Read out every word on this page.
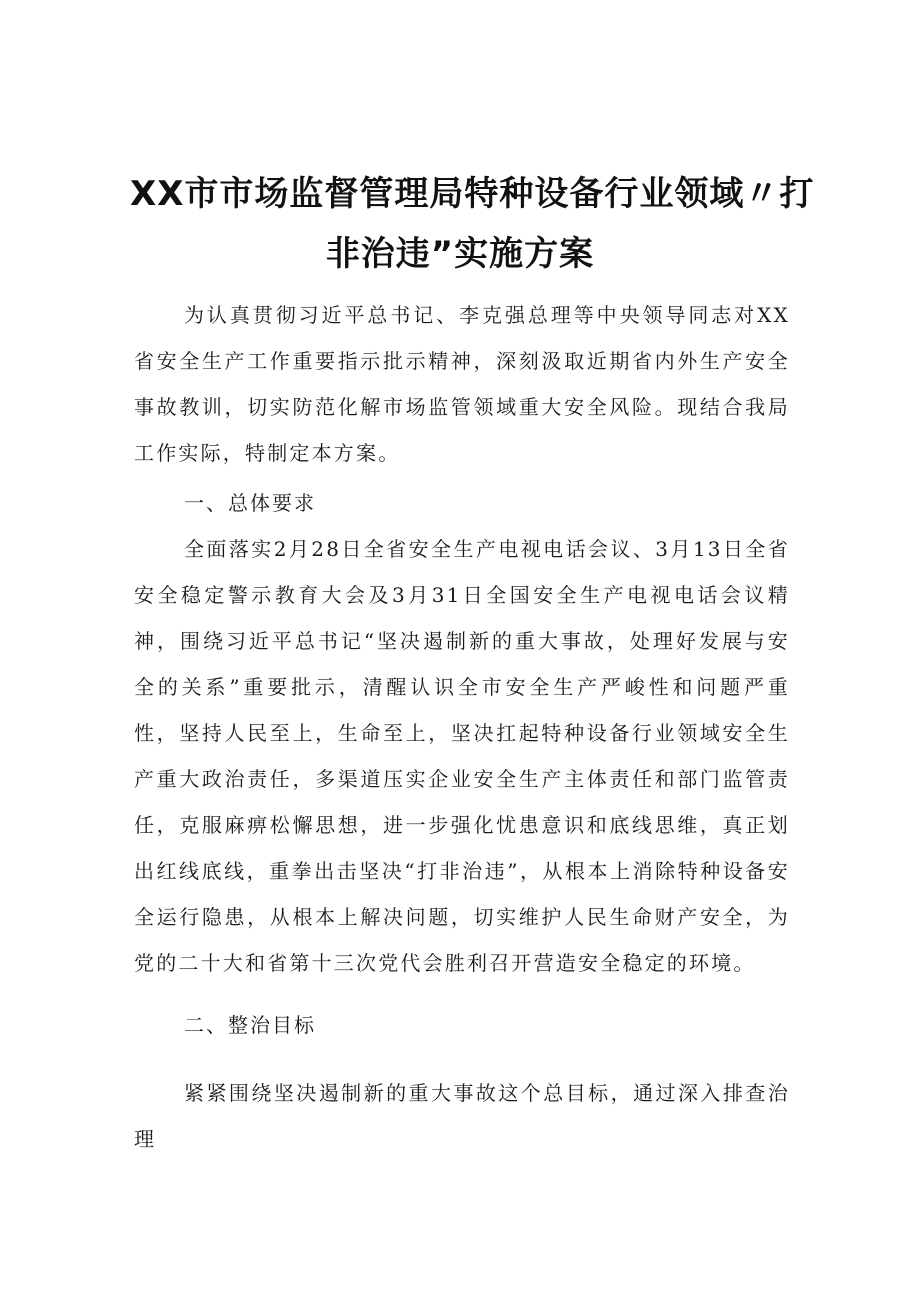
XX市市场监督管理局特种设备行业领域〃打
非治违”实施方案

为认真贯彻习近平总书记、李克强总理等中央领导同志对XX省安全生产工作重要指示批示精神，深刻汲取近期省内外生产安全事故教训，切实防范化解市场监管领域重大安全风险。现结合我局工作实际，特制定本方案。

一、总体要求

全面落实2月28日全省安全生产电视电话会议、3月13日全省安全稳定警示教育大会及3月31日全国安全生产电视电话会议精神，围绕习近平总书记“坚决遏制新的重大事故，处理好发展与安全的关系”重要批示，清醒认识全市安全生产严峻性和问题严重性，坚持人民至上，生命至上，坚决扛起特种设备行业领域安全生产重大政治责任，多渠道压实企业安全生产主体责任和部门监管责任，克服麻痹松懈思想，进一步强化忧患意识和底线思维，真正划出红线底线，重拳出击坚决“打非治违”，从根本上消除特种设备安全运行隐患，从根本上解决问题，切实维护人民生命财产安全，为党的二十大和省第十三次党代会胜利召开营造安全稳定的环境。

二、整治目标

紧紧围绕坚决遏制新的重大事故这个总目标，通过深入排查治理
